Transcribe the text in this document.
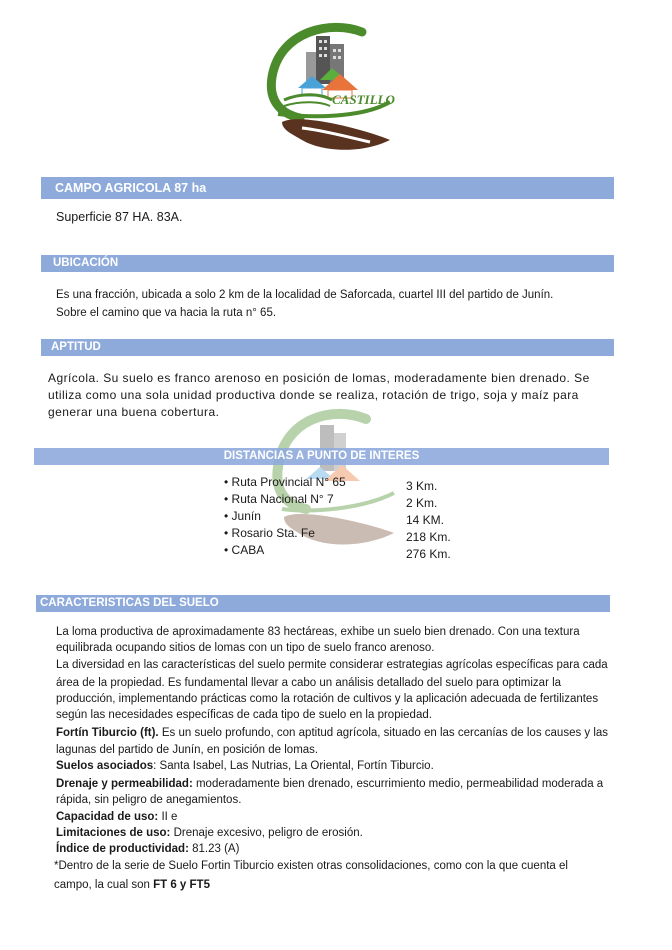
CASTILLO
CAMPO AGRICOLA 87 ha
Superficie 87 HA. 83A.
UBICACIÓN
Es una fracción, ubicada a solo 2 km de la localidad de Saforcada, cuartel III del partido de Junín.
Sobre el camino que va hacia la ruta n° 65.
APTITUD
Agrícola. Su suelo es franco arenoso en posición de lomas, moderadamente bien drenado. Se
utiliza como una sola unidad productiva donde se realiza, rotación de trigo, soja y maíz para
generar una buena cobertura.
DISTANCIAS A PUNTO DE INTERES
• Ruta Provincial N° 65	3 Km.
• Ruta Nacional N° 7	2 Km.
• Junín	14 KM.
• Rosario Sta. Fe	218 Km.
• CABA	276 Km.
CARACTERISTICAS DEL SUELO
La loma productiva de aproximadamente 83 hectáreas, exhibe un suelo bien drenado. Con una textura
equilibrada ocupando sitios de lomas con un tipo de suelo franco arenoso.
La diversidad en las características del suelo permite considerar estrategias agrícolas específicas para cada
área de la propiedad. Es fundamental llevar a cabo un análisis detallado del suelo para optimizar la
producción, implementando prácticas como la rotación de cultivos y la aplicación adecuada de fertilizantes
según las necesidades específicas de cada tipo de suelo en la propiedad.
Fortín Tiburcio (ft). Es un suelo profundo, con aptitud agrícola, situado en las cercanías de los causes y las
lagunas del partido de Junín, en posición de lomas.
Suelos asociados: Santa Isabel, Las Nutrias, La Oriental, Fortín Tiburcio.
Drenaje y permeabilidad: moderadamente bien drenado, escurrimiento medio, permeabilidad moderada a
rápida, sin peligro de anegamientos.
Capacidad de uso: II e
Limitaciones de uso: Drenaje excesivo, peligro de erosión.
Índice de productividad: 81.23 (A)
*Dentro de la serie de Suelo Fortin Tiburcio existen otras consolidaciones, como con la que cuenta el
campo, la cual son FT 6 y FT5
